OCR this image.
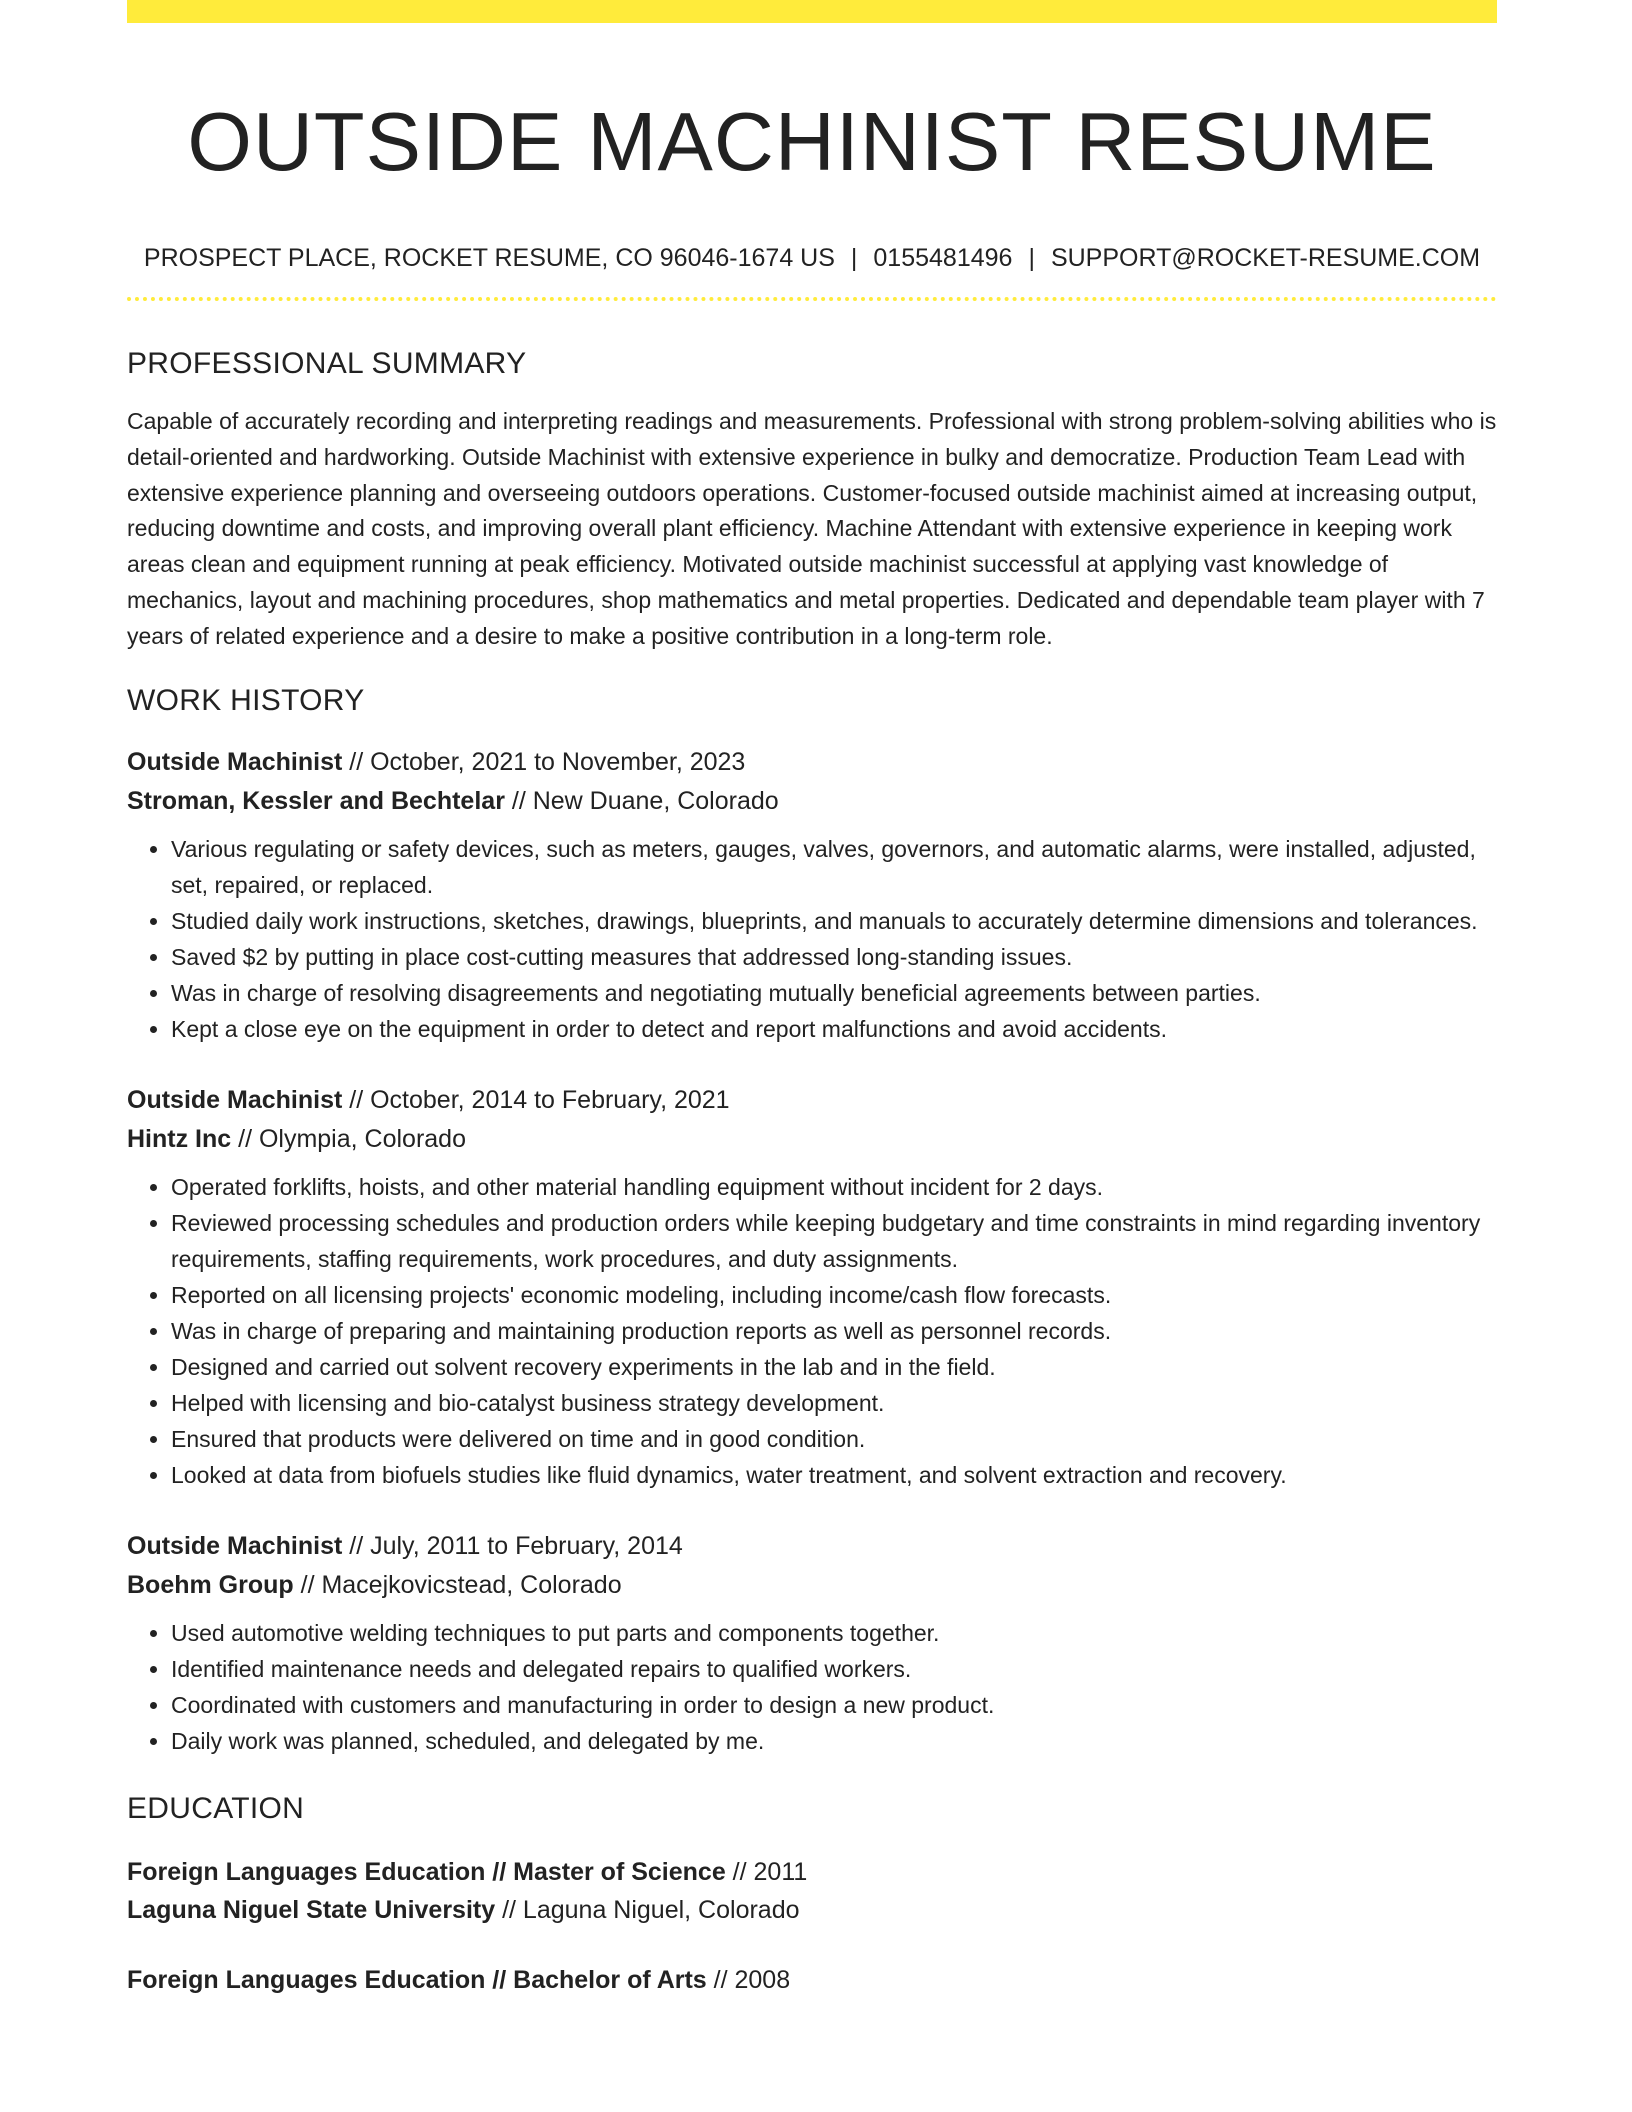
OUTSIDE MACHINIST RESUME
PROSPECT PLACE, ROCKET RESUME, CO 96046-1674 US | 0155481496 | SUPPORT@ROCKET-RESUME.COM
PROFESSIONAL SUMMARY

Capable of accurately recording and interpreting readings and measurements. Professional with strong problem-solving abilities who is detail-oriented and hardworking. Outside Machinist with extensive experience in bulky and democratize. Production Team Lead with extensive experience planning and overseeing outdoors operations. Customer-focused outside machinist aimed at increasing output, reducing downtime and costs, and improving overall plant efficiency. Machine Attendant with extensive experience in keeping work areas clean and equipment running at peak efficiency. Motivated outside machinist successful at applying vast knowledge of mechanics, layout and machining procedures, shop mathematics and metal properties. Dedicated and dependable team player with 7 years of related experience and a desire to make a positive contribution in a long-term role.

WORK HISTORY
Outside Machinist // October, 2021 to November, 2023
Stroman, Kessler and Bechtelar // New Duane, Colorado
• Various regulating or safety devices, such as meters, gauges, valves, governors, and automatic alarms, were installed, adjusted, set, repaired, or replaced.
• Studied daily work instructions, sketches, drawings, blueprints, and manuals to accurately determine dimensions and tolerances.
• Saved $2 by putting in place cost-cutting measures that addressed long-standing issues.
• Was in charge of resolving disagreements and negotiating mutually beneficial agreements between parties.
• Kept a close eye on the equipment in order to detect and report malfunctions and avoid accidents.
Outside Machinist // October, 2014 to February, 2021
Hintz Inc // Olympia, Colorado
• Operated forklifts, hoists, and other material handling equipment without incident for 2 days.
• Reviewed processing schedules and production orders while keeping budgetary and time constraints in mind regarding inventory requirements, staffing requirements, work procedures, and duty assignments.
• Reported on all licensing projects' economic modeling, including income/cash flow forecasts.
• Was in charge of preparing and maintaining production reports as well as personnel records.
• Designed and carried out solvent recovery experiments in the lab and in the field.
• Helped with licensing and bio-catalyst business strategy development.
• Ensured that products were delivered on time and in good condition.
• Looked at data from biofuels studies like fluid dynamics, water treatment, and solvent extraction and recovery.
Outside Machinist // July, 2011 to February, 2014
Boehm Group // Macejkovicstead, Colorado
• Used automotive welding techniques to put parts and components together.
• Identified maintenance needs and delegated repairs to qualified workers.
• Coordinated with customers and manufacturing in order to design a new product.
• Daily work was planned, scheduled, and delegated by me.
EDUCATION
Foreign Languages Education // Master of Science // 2011
Laguna Niguel State University // Laguna Niguel, Colorado
Foreign Languages Education // Bachelor of Arts // 2008
